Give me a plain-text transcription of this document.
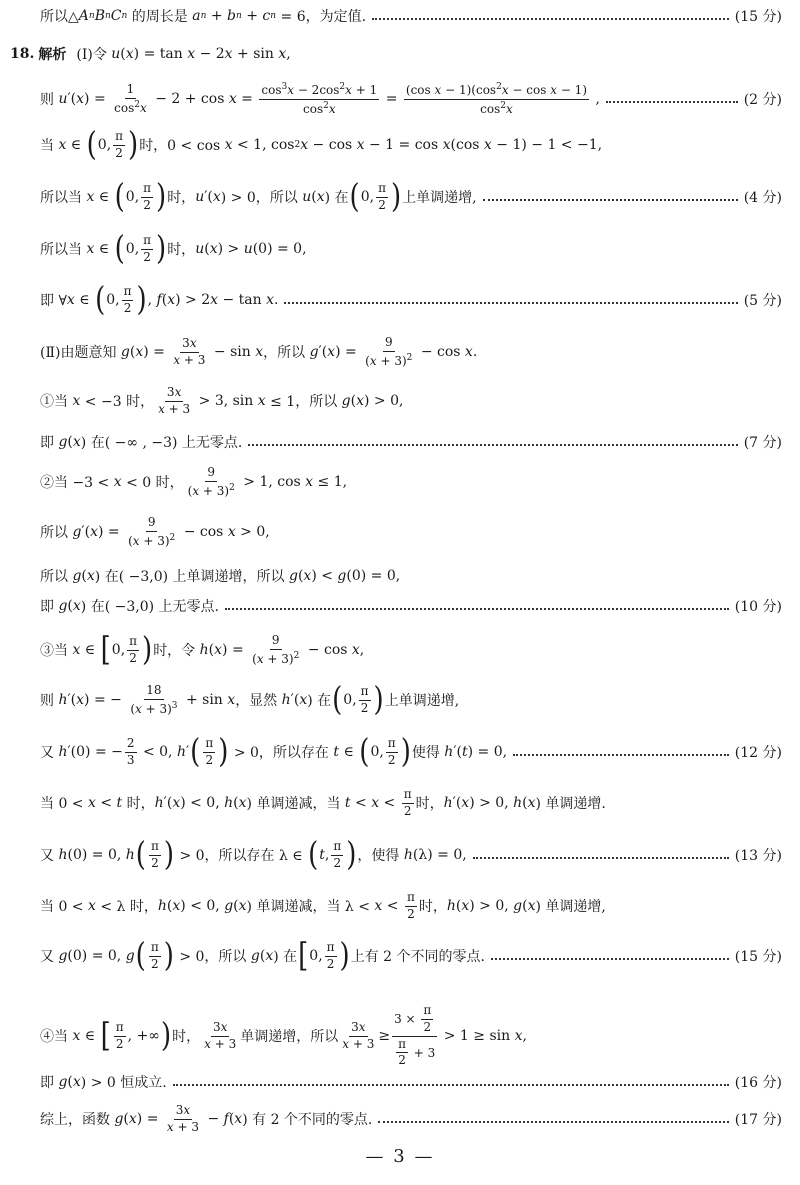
所以△ A n B n C n 的周长是 a n + b n + c n = 6，为定值.	(15 分)
18. 解析 (Ⅰ)令 u ( x ) = tan x − 2 x + sin x ,
则 u ′( x ) = $\frac{1}{\cos^2x} - 2 + \cos x = \frac{\cos^3x - 2\cos^2x + 1}{\cos^2x} = \frac{(\cos x - 1)(\cos^2x - \cos x - 1)}{\cos^2x}$ ,	(2 分)
当 x ∈ ( 0, $\frac{\pi}{2}$ ) 时，0 < cos x < 1, cos 2 x − cos x − 1 = cos x (cos x − 1) − 1 < −1,
所以当 x ∈ ( 0, $\frac{\pi}{2}$ ) 时， u ′( x ) > 0，所以 u ( x ) 在 ( 0, $\frac{\pi}{2}$ ) 上单调递增,	(4 分)
所以当 x ∈ ( 0, $\frac{\pi}{2}$ ) 时， u ( x ) > u (0) = 0,
即 ∀ x ∈ ( 0, $\frac{\pi}{2}$ ) , f ( x ) > 2 x − tan x .	(5 分)
(Ⅱ)由题意知 g ( x ) = $\frac{3x}{x + 3} - \sin x$ ，所以 g ′( x ) = $\frac{9}{(x + 3)^2} - \cos x$ .
①当 x < −3 时， $\frac{3x}{x + 3} > 3$, sin x ≤ 1，所以 g ( x ) > 0,
即 g ( x ) 在( −∞ , −3) 上无零点.	(7 分)
②当 −3 < x < 0 时， $\frac{9}{(x + 3)^2} > 1$, cos x ≤ 1,
所以 g ′( x ) = $\frac{9}{(x + 3)^2} - \cos x > 0$,
所以 g ( x ) 在( −3,0) 上单调递增，所以 g ( x ) < g (0) = 0,
即 g ( x ) 在( −3,0) 上无零点.	(10 分)
③当 x ∈ [ 0, $\frac{\pi}{2}$ ) 时，令 h ( x ) = $\frac{9}{(x + 3)^2} - \cos x$ ,
则 h ′( x ) = − $\frac{18}{(x + 3)^3} + \sin x$ ，显然 h ′( x ) 在 ( 0, $\frac{\pi}{2}$ ) 上单调递增,
又 h ′(0) = − $\frac{2}{3} < 0$, h ′ ( $\frac{\pi}{2}$ ) > 0，所以存在 t ∈ ( 0, $\frac{\pi}{2}$ ) 使得 h ′( t ) = 0,	(12 分)
当 0 < x < t 时， h ′( x ) < 0, h ( x ) 单调递减，当 $t < x < \frac{\pi}{2}$ 时， h ′( x ) > 0, h ( x ) 单调递增.
又 h (0) = 0, h ( $\frac{\pi}{2}$ ) > 0，所以存在 λ ∈ ( t , $\frac{\pi}{2}$ ) ，使得 h (λ) = 0,	(13 分)
当 0 < x < λ 时， h ( x ) < 0, g ( x ) 单调递减，当 $\lambda < x < \frac{\pi}{2}$ 时， h ( x ) > 0, g ( x ) 单调递增,
又 g (0) = 0, g ( $\frac{\pi}{2}$ ) > 0，所以 g ( x ) 在 [ 0, $\frac{\pi}{2}$ ) 上有 2 个不同的零点.	(15 分)
④当 x ∈ [ $\frac{\pi}{2}$ , +∞ ) 时， $\frac{3x}{x + 3}$ 单调递增，所以 $\frac{3x}{x + 3} \ge \frac{3 \times \frac{\pi}{2}}{\frac{\pi}{2} + 3} > 1 \ge \sin x$ ,
即 g ( x ) > 0 恒成立.	(16 分)
综上，函数 g ( x ) = $\frac{3x}{x + 3} - f$ ( x ) 有 2 个不同的零点.	(17 分)
— 3 —
